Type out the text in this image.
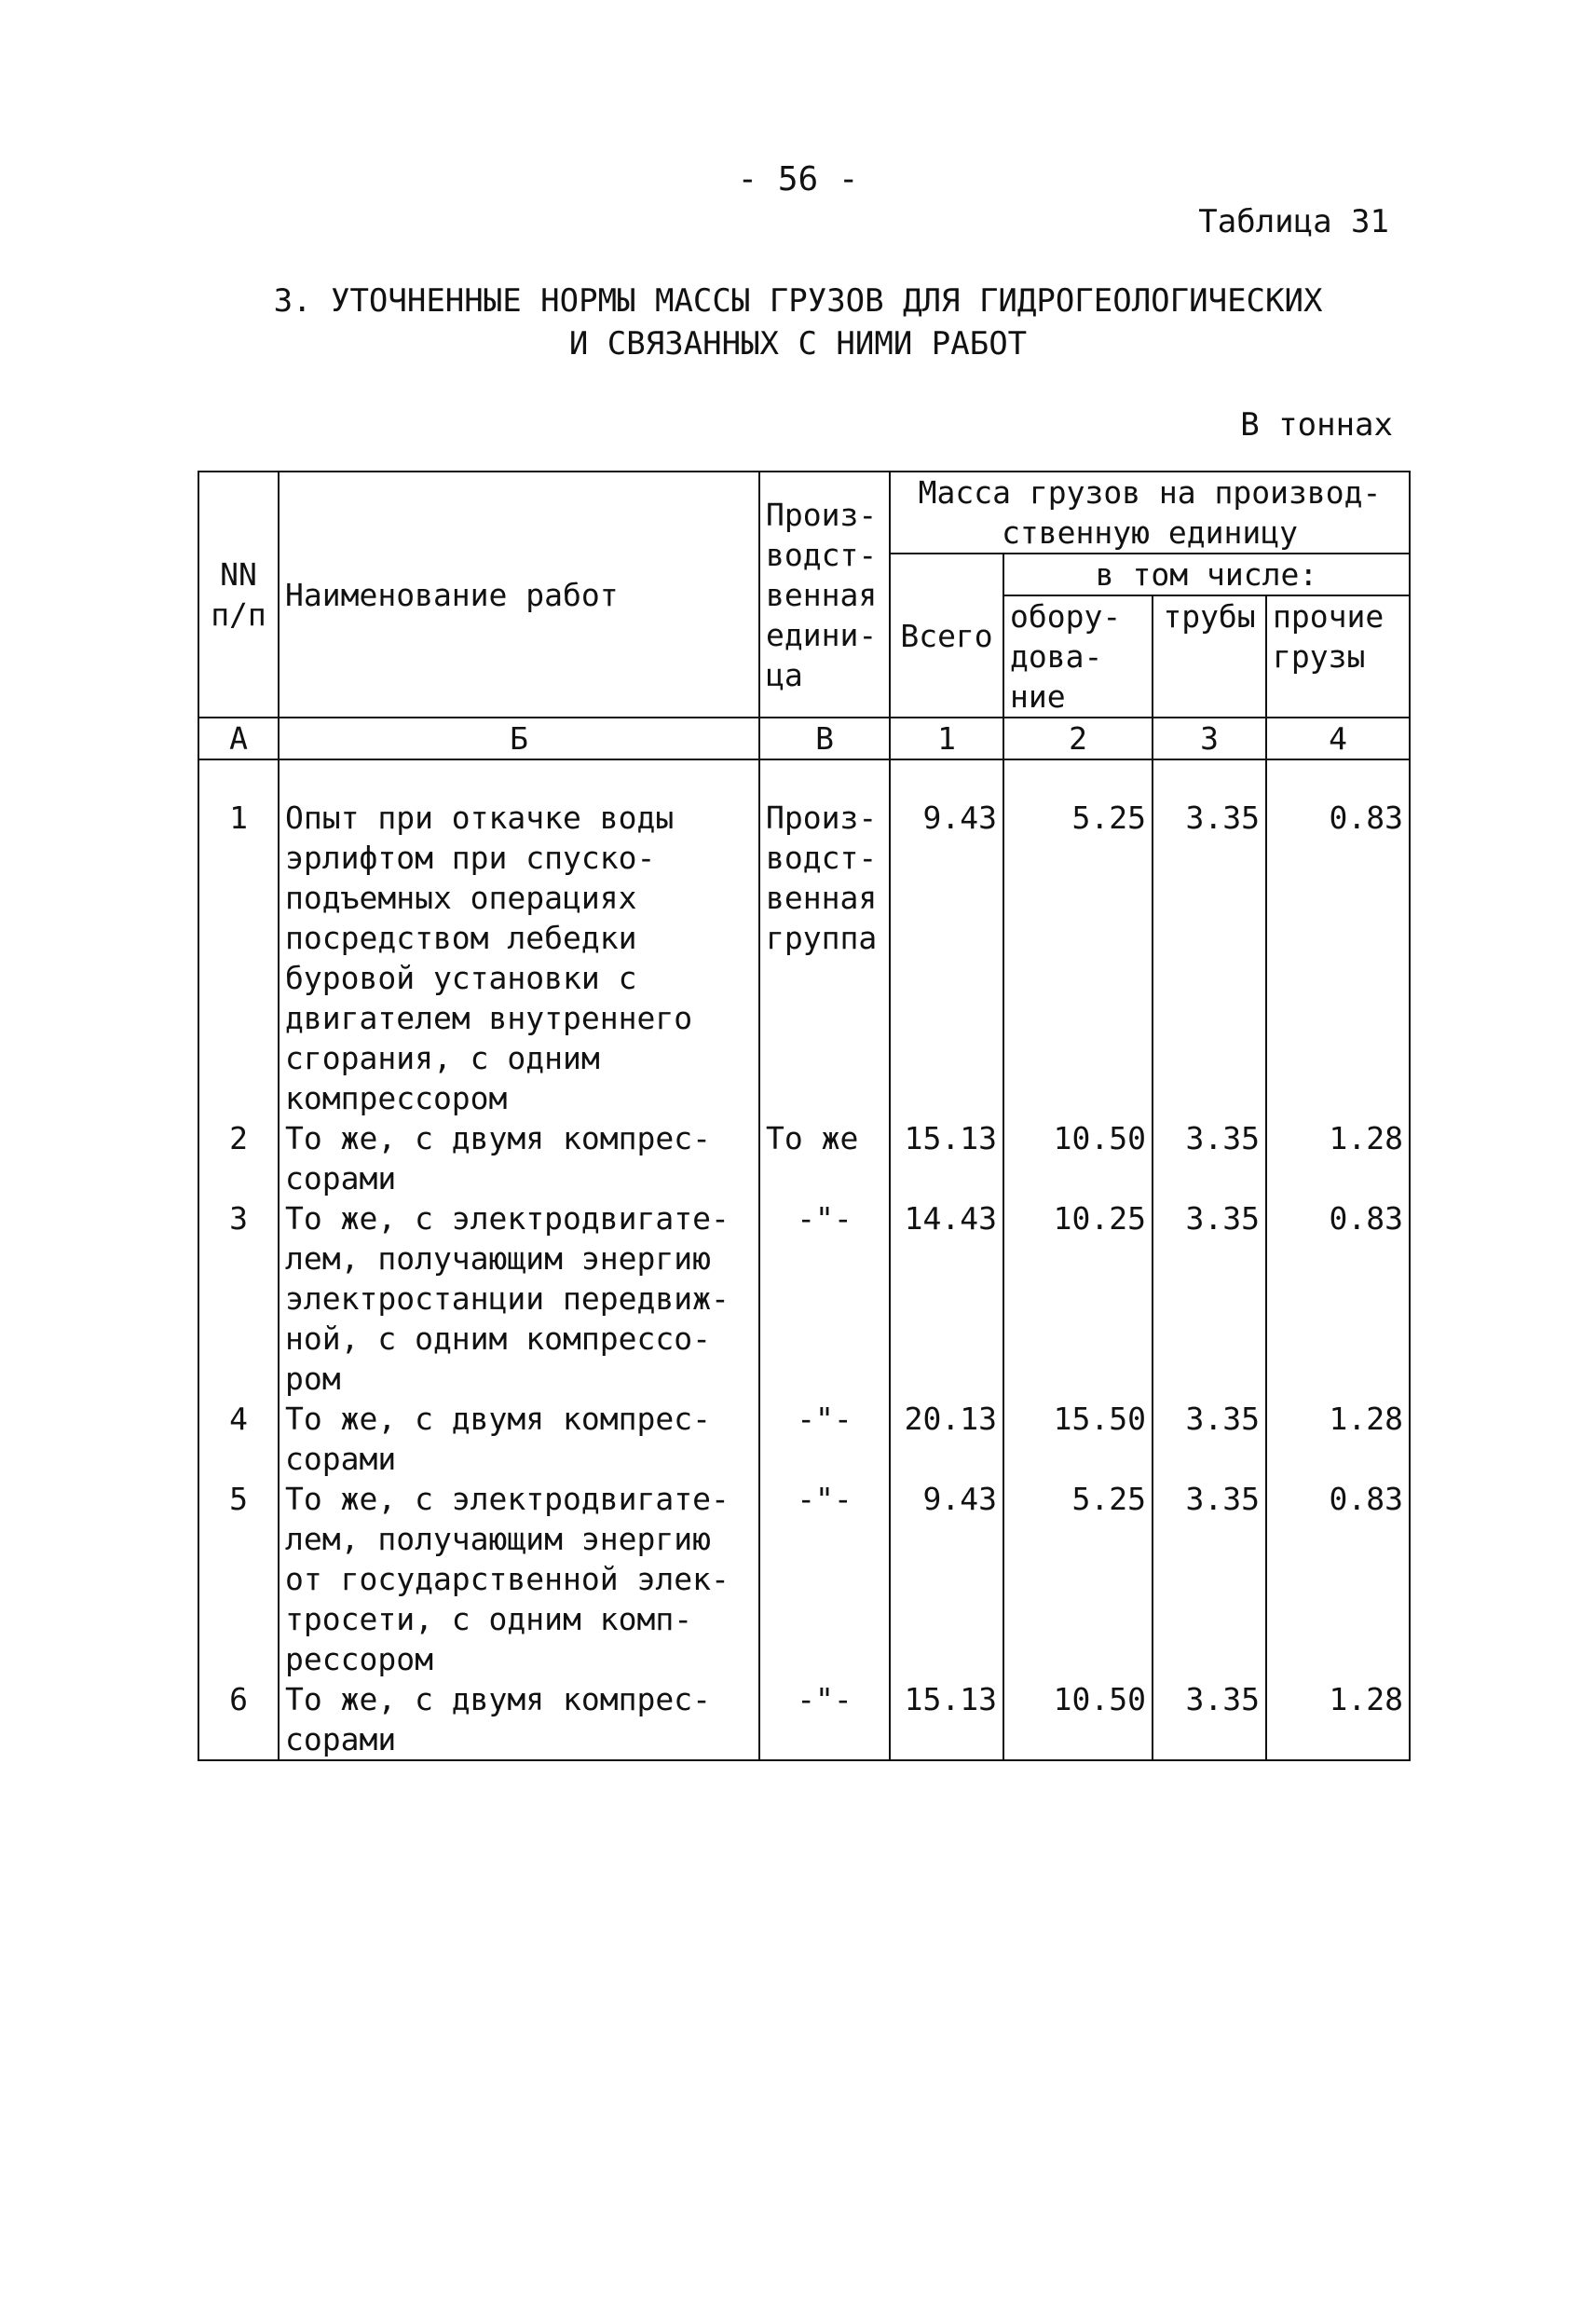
- 56 -
Таблица 31
3. УТОЧНЕННЫЕ НОРМЫ МАССЫ ГРУЗОВ ДЛЯ ГИДРОГЕОЛОГИЧЕСКИХ
И СВЯЗАННЫХ С НИМИ РАБОТ
В тоннах
NN п/п	Наименование работ	Произ- водст- венная едини- ца	Масса грузов на производ- ственную единицу			
			Всего	в том числе:		
				обору- дова- ние	трубы	прочие грузы
А	Б	В	1	2	3	4

1	Опыт при откачке воды эрлифтом при спуско- подъемных операциях посредством лебедки буровой установки с двигателем внутреннего сгорания, с одним компрессором	Произ- водст- венная группа	9.43	5.25	3.35	0.83
2	То же, с двумя компрес- сорами	То же	15.13	10.50	3.35	1.28
3	То же, с электродвигате- лем, получающим энергию электростанции передвиж- ной, с одним компрессо- ром	-"-	14.43	10.25	3.35	0.83
4	То же, с двумя компрес- сорами	-"-	20.13	15.50	3.35	1.28
5	То же, с электродвигате- лем, получающим энергию от государственной элек- тросети, с одним комп- рессором	-"-	9.43	5.25	3.35	0.83
6	То же, с двумя компрес- сорами	-"-	15.13	10.50	3.35	1.28
